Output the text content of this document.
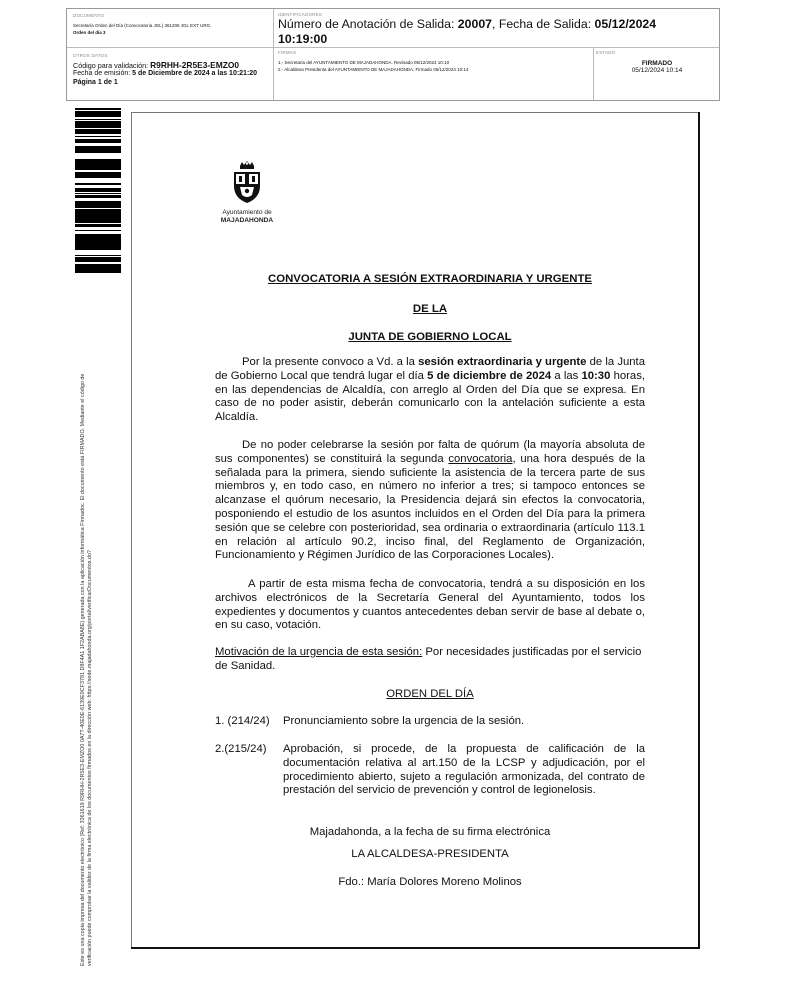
DOCUMENTO
Secretaría Orden del Día (Convocatoria JGL) 361206 JGL EXT URG.
Orden del día 3
IDENTIFICADORES
Número de Anotación de Salida: 20007, Fecha de Salida: 05/12/2024
10:19:00
OTROS DATOS
Código para validación: R9RHH-2R5E3-EMZO0
Fecha de emisión: 5 de Diciembre de 2024 a las 10:21:20
Página 1 de 1
FIRMAS
1.- Secretaria del AYUNTAMIENTO DE MAJADAHONDA. Revisado 05/12/2024 10:10
2.- Alcaldesa Presidenta del AYUNTAMIENTO DE MAJADAHONDA. Firmado 05/12/2024 10:14
ESTADO
FIRMADO
05/12/2024 10:14
Este es una copia impresa del documento electrónico (Ref: 3361619 R9RHH-2R5E3-EMZO0 0A7T-40E0E-6139E9CF3781 D8F4A1 1F2ABA8E) generada con la aplicación informática Firmadoc. El documento está FIRMADO. Mediante el código de verificación puede comprobar la validez de la firma electrónica de los documentos firmados en la dirección web: https://sede.majadahonda.org/portal/verificarDocumentos.do?
Ayuntamiento de
MAJADAHONDA
CONVOCATORIA A SESIÓN EXTRAORDINARIA Y URGENTE
DE LA
JUNTA DE GOBIERNO LOCAL
Por la presente convoco a Vd. a la sesión extraordinaria y urgente de la Junta de Gobierno Local que tendrá lugar el día 5 de diciembre de 2024 a las 10:30 horas, en las dependencias de Alcaldía, con arreglo al Orden del Día que se expresa. En caso de no poder asistir, deberán comunicarlo con la antelación suficiente a esta Alcaldía.
De no poder celebrarse la sesión por falta de quórum (la mayoría absoluta de sus componentes) se constituirá la segunda convocatoria, una hora después de la señalada para la primera, siendo suficiente la asistencia de la tercera parte de sus miembros y, en todo caso, en número no inferior a tres; si tampoco entonces se alcanzase el quórum necesario, la Presidencia dejará sin efectos la convocatoria, posponiendo el estudio de los asuntos incluidos en el Orden del Día para la primera sesión que se celebre con posterioridad, sea ordinaria o extraordinaria (artículo 113.1 en relación al artículo 90.2, inciso final, del Reglamento de Organización, Funcionamiento y Régimen Jurídico de las Corporaciones Locales).
A partir de esta misma fecha de convocatoria, tendrá a su disposición en los archivos electrónicos de la Secretaría General del Ayuntamiento, todos los expedientes y documentos y cuantos antecedentes deban servir de base al debate o, en su caso, votación.
Motivación de la urgencia de esta sesión: Por necesidades justificadas por el servicio de Sanidad.
ORDEN DEL DÍA
1. (214/24)	Pronunciamiento sobre la urgencia de la sesión.
2.(215/24)	Aprobación, si procede, de la propuesta de calificación de la documentación relativa al art.150 de la LCSP y adjudicación, por el procedimiento abierto, sujeto a regulación armonizada, del contrato de prestación del servicio de prevención y control de legionelosis.
Majadahonda, a la fecha de su firma electrónica
LA ALCALDESA-PRESIDENTA
Fdo.: María Dolores Moreno Molinos
